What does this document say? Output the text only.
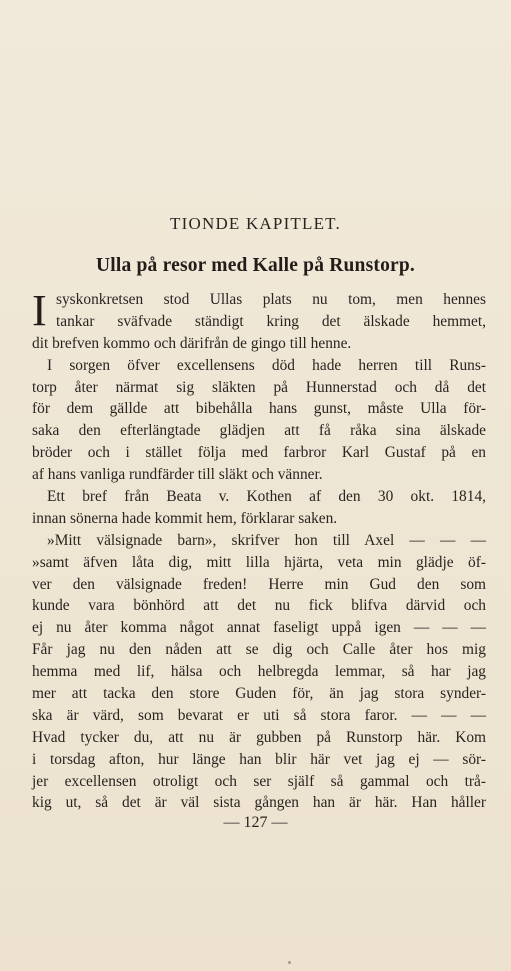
TIONDE KAPITLET.
Ulla på resor med Kalle på Runstorp.
I syskonkretsen stod Ullas plats nu tom, men hennes
tankar sväfvade ständigt kring det älskade hemmet,
dit brefven kommo och därifrån de gingo till henne.
I sorgen öfver excellensens död hade herren till Runs-
torp åter närmat sig släkten på Hunnerstad och då det
för dem gällde att bibehålla hans gunst, måste Ulla för-
saka den efterlängtade glädjen att få råka sina älskade
bröder och i stället följa med farbror Karl Gustaf på en
af hans vanliga rundfärder till släkt och vänner.
Ett bref från Beata v. Kothen af den 30 okt. 1814,
innan sönerna hade kommit hem, förklarar saken.
»Mitt välsignade barn», skrifver hon till Axel — — —
»samt äfven låta dig, mitt lilla hjärta, veta min glädje öf-
ver den välsignade freden! Herre min Gud den som
kunde vara bönhörd att det nu fick blifva därvid och
ej nu åter komma något annat faseligt uppå igen — — —
Får jag nu den nåden att se dig och Calle åter hos mig
hemma med lif, hälsa och helbregda lemmar, så har jag
mer att tacka den store Guden för, än jag stora synder-
ska är värd, som bevarat er uti så stora faror. — — —
Hvad tycker du, att nu är gubben på Runstorp här. Kom
i torsdag afton, hur länge han blir här vet jag ej — sör-
jer excellensen otroligt och ser själf så gammal och trå-
kig ut, så det är väl sista gången han är här. Han håller
— 127 —
